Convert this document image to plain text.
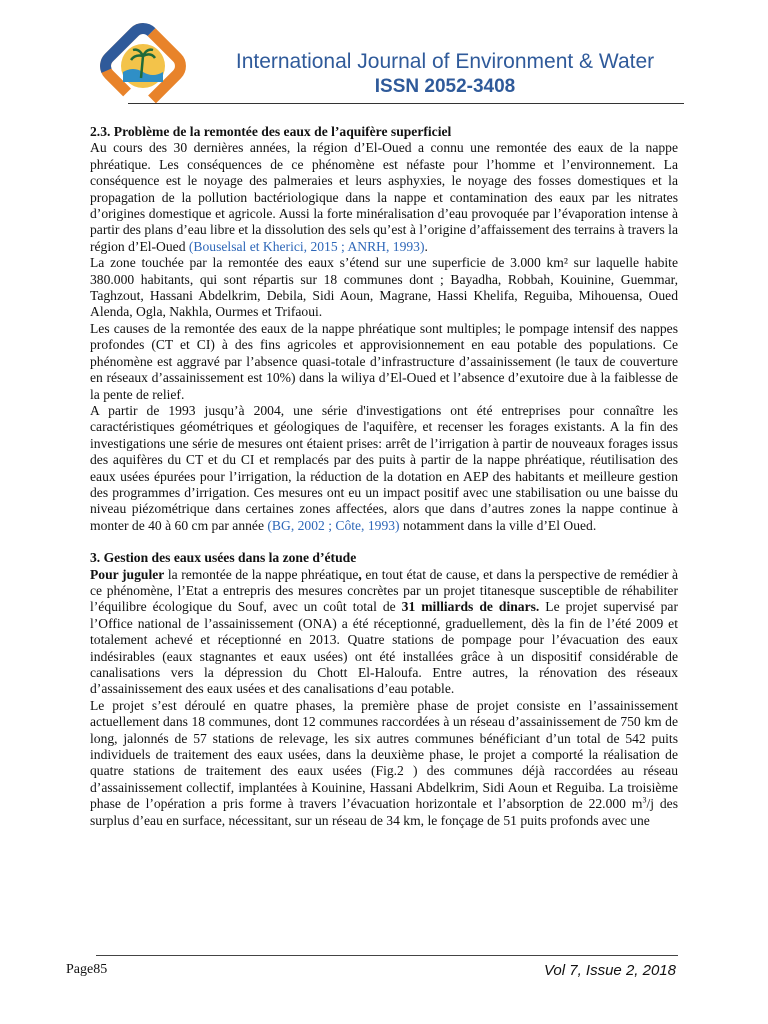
International Journal of Environment & Water
ISSN 2052-3408

2.3. Problème de la remontée des eaux de l’aquifère superficiel

Au cours des 30 dernières années, la région d’El-Oued a connu une remontée des eaux de la nappe phréatique. Les conséquences de ce phénomène est néfaste pour l’homme et l’environnement. La conséquence est le noyage des palmeraies et leurs asphyxies, le noyage des fosses domestiques et la propagation de la pollution bactériologique dans la nappe et contamination des eaux par les nitrates d’origines domestique et agricole. Aussi la forte minéralisation d’eau provoquée par l’évaporation intense à partir des plans d’eau libre et la dissolution des sels qu’est à l’origine d’affaissement des terrains à travers la région d’El-Oued (Bouselsal et Kherici, 2015 ; ANRH, 1993).

La zone touchée par la remontée des eaux s’étend sur une superficie de 3.000 km² sur laquelle habite 380.000 habitants, qui sont répartis sur 18 communes dont ; Bayadha, Robbah, Kouinine, Guemmar, Taghzout, Hassani Abdelkrim, Debila, Sidi Aoun, Magrane, Hassi Khelifa, Reguiba, Mihouensa, Oued Alenda, Ogla, Nakhla, Ourmes et Trifaoui.

Les causes de la remontée des eaux de la nappe phréatique sont multiples; le pompage intensif des nappes profondes (CT et CI) à des fins agricoles et approvisionnement en eau potable des populations. Ce phénomène est aggravé par l’absence quasi-totale d’infrastructure d’assainissement (le taux de couverture en réseaux d’assainissement est 10%) dans la wiliya d’El-Oued et l’absence d’exutoire due à la faiblesse de la pente de relief.

A partir de 1993 jusqu’à 2004, une série d'investigations ont été entreprises pour connaître les caractéristiques géométriques et géologiques de l'aquifère, et recenser les forages existants. A la fin des investigations une série de mesures ont étaient prises: arrêt de l’irrigation à partir de nouveaux forages issus des aquifères du CT et du CI et remplacés par des puits à partir de la nappe phréatique, réutilisation des eaux usées épurées pour l’irrigation, la réduction de la dotation en AEP des habitants et meilleure gestion des programmes d’irrigation. Ces mesures ont eu un impact positif avec une stabilisation ou une baisse du niveau piézométrique dans certaines zones affectées, alors que dans d’autres zones la nappe continue à monter de 40 à 60 cm par année (BG, 2002 ; Côte, 1993) notamment dans la ville d’El Oued.

3. Gestion des eaux usées dans la zone d’étude

Pour juguler la remontée de la nappe phréatique, en tout état de cause, et dans la perspective de remédier à ce phénomène, l’Etat a entrepris des mesures concrètes par un projet titanesque susceptible de réhabiliter l’équilibre écologique du Souf, avec un coût total de 31 milliards de dinars. Le projet supervisé par l’Office national de l’assainissement (ONA) a été réceptionné, graduellement, dès la fin de l’été 2009 et totalement achevé et réceptionné en 2013. Quatre stations de pompage pour l’évacuation des eaux indésirables (eaux stagnantes et eaux usées) ont été installées grâce à un dispositif considérable de canalisations vers la dépression du Chott El-Haloufa. Entre autres, la rénovation des réseaux d’assainissement des eaux usées et des canalisations d’eau potable.

Le projet s’est déroulé en quatre phases, la première phase de projet consiste en l’assainissement actuellement dans 18 communes, dont 12 communes raccordées à un réseau d’assainissement de 750 km de long, jalonnés de 57 stations de relevage, les six autres communes bénéficiant d’un total de 542 puits individuels de traitement des eaux usées, dans la deuxième phase, le projet a comporté la réalisation de quatre stations de traitement des eaux usées (Fig.2 ) des communes déjà raccordées au réseau d’assainissement collectif, implantées à Kouinine, Hassani Abdelkrim, Sidi Aoun et Reguiba. La troisième phase de l’opération a pris forme à travers l’évacuation horizontale et l’absorption de 22.000 $m^3/j$ des surplus d’eau en surface, nécessitant, sur un réseau de 34 km, le fonçage de 51 puits profonds avec une

Page85	Vol 7, Issue 2, 2018
